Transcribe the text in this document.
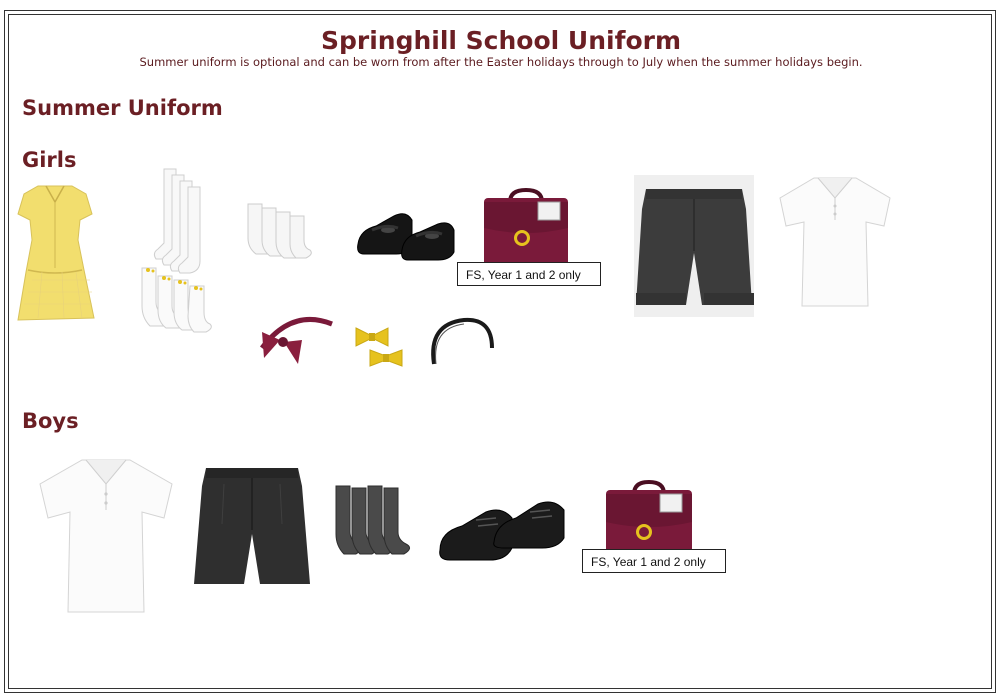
Springhill School Uniform
Summer uniform is optional and can be worn from after the Easter holidays through to July when the summer holidays begin.
Summer Uniform
Girls
Boys
FS, Year 1 and 2 only
FS, Year 1 and 2 only
